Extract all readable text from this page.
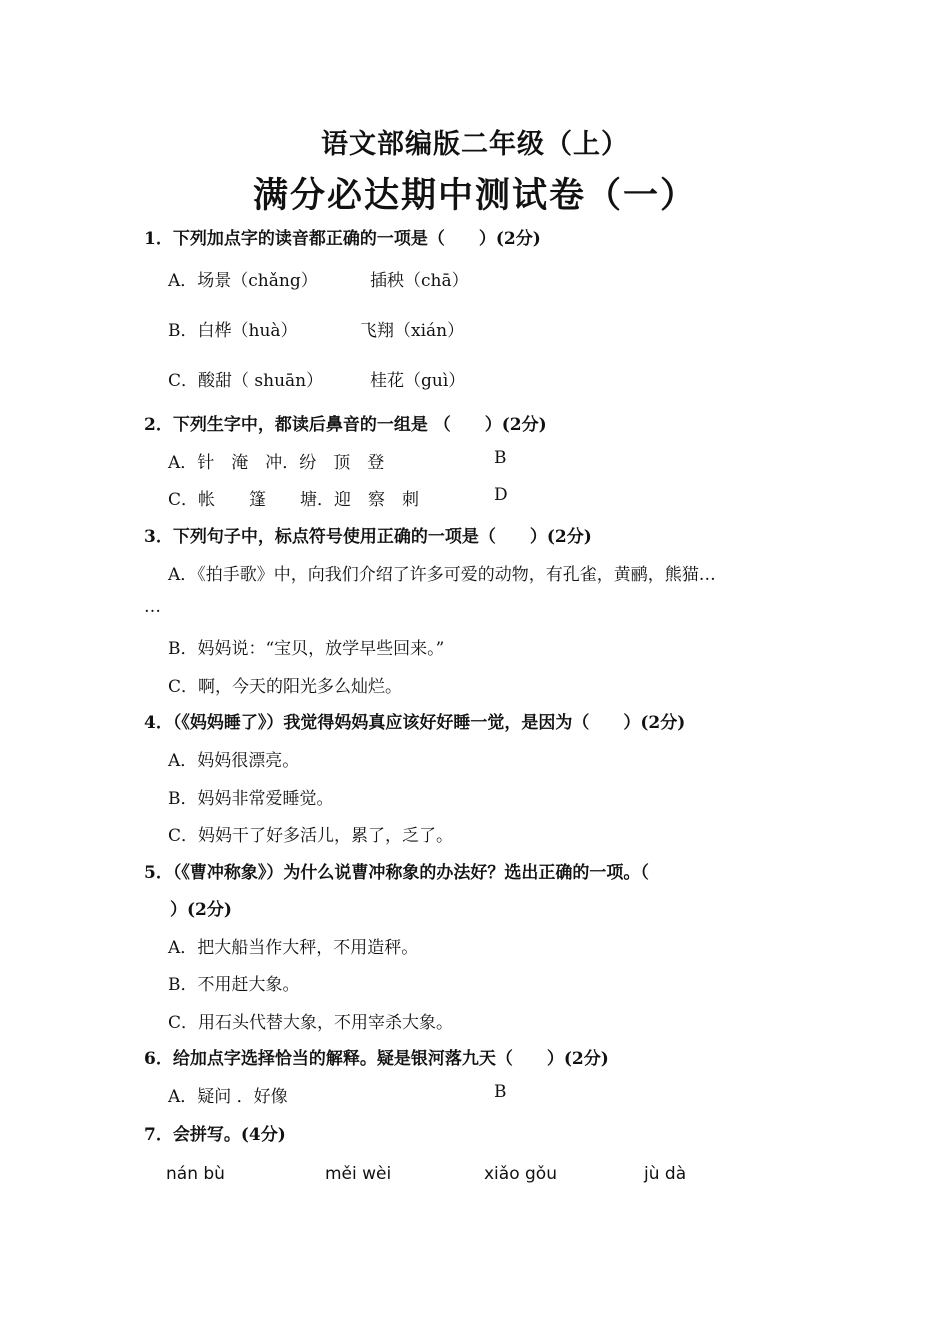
语文部编版二年级（上）
满分必达期中测试卷（一）
1．下列加点字的读音都正确的一项是（　　）(2分)
A．场景（chǎng）	插秧（chā）
B．白桦（huà）	飞翔（xián）
C．酸甜（ shuān）	桂花（guì）
2．下列生字中，都读后鼻音的一组是 （　　）(2分)
A．针　淹　冲．纷　顶　登	B
C．帐　　篷　　塘．迎　察　刺	D
3．下列句子中，标点符号使用正确的一项是（　　）(2分)
A．《拍手歌》中，向我们介绍了许多可爱的动物，有孔雀，黄鹂，熊猫…
…
B．妈妈说：“宝贝，放学早些回来。”
C．啊，今天的阳光多么灿烂。
4．（《妈妈睡了》）我觉得妈妈真应该好好睡一觉，是因为（　　）(2分)
A．妈妈很漂亮。
B．妈妈非常爱睡觉。
C．妈妈干了好多活儿，累了，乏了。
5．（《曹冲称象》）为什么说曹冲称象的办法好？选出正确的一项。（
）(2分)
A．把大船当作大秤，不用造秤。
B．不用赶大象。
C．用石头代替大象，不用宰杀大象。
6．给加点字选择恰当的解释。疑是银河落九天（　　）(2分)
A．疑问 ．好像	B
7．会拼写。(4分)
nán bù	měi wèi	xiǎo gǒu	jù dà
